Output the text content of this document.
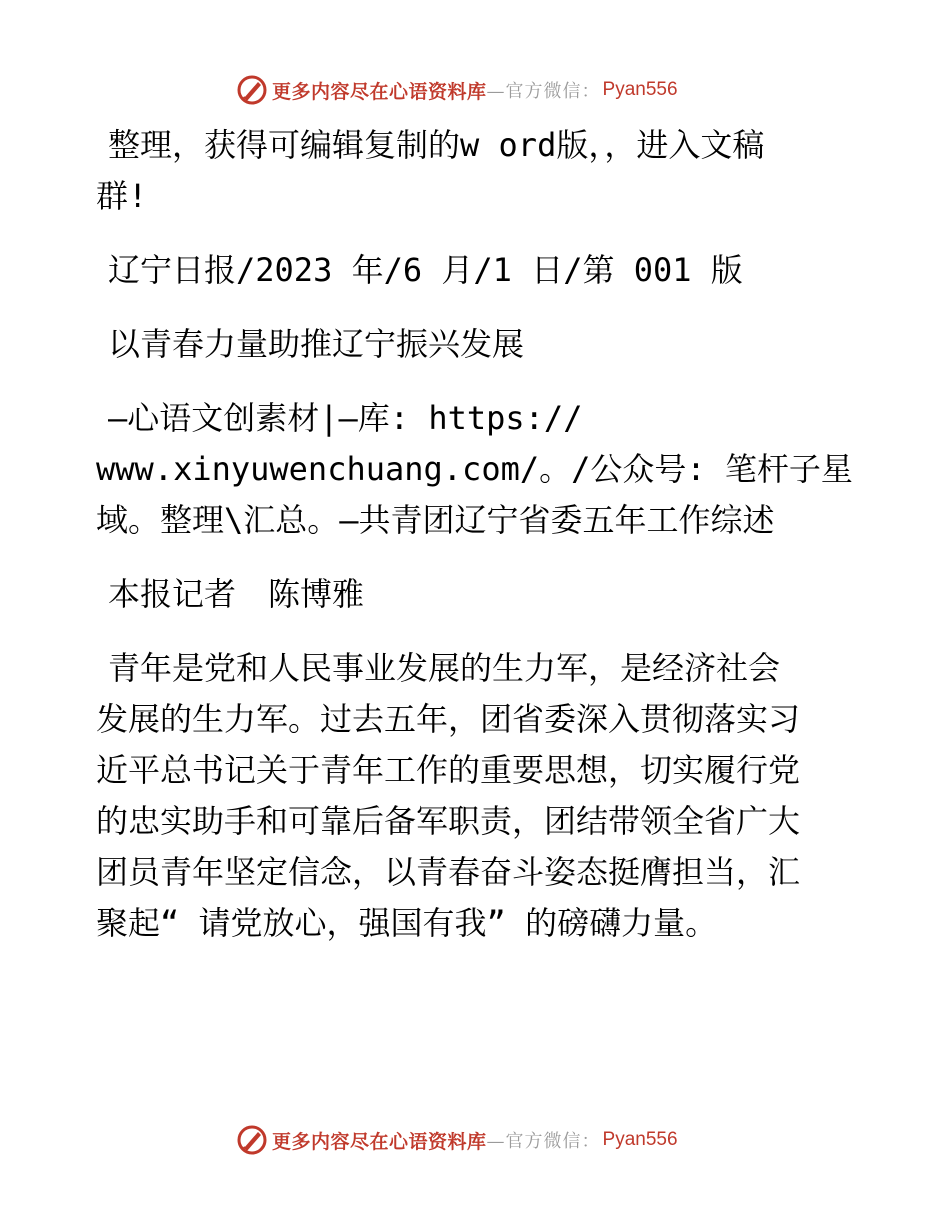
更多内容尽在心语资料库 —官方微信： Pyan556
整理，获得可编辑复制的w ord版，，进入文稿
群!
辽宁日报/2023 年/6 月/1 日/第 001 版
以青春力量助推辽宁振兴发展
—心语文创素材|—库: https://
www.xinyuwenchuang.com/。/公众号: 笔杆子星
域。整理\汇总。—共青团辽宁省委五年工作综述
本报记者　陈博雅
青年是党和人民事业发展的生力军，是经济社会
发展的生力军。过去五年，团省委深入贯彻落实习
近平总书记关于青年工作的重要思想，切实履行党
的忠实助手和可靠后备军职责，团结带领全省广大
团员青年坚定信念，以青春奋斗姿态挺膺担当，汇
聚起“ 请党放心，强国有我” 的磅礴力量。
更多内容尽在心语资料库 —官方微信： Pyan556
